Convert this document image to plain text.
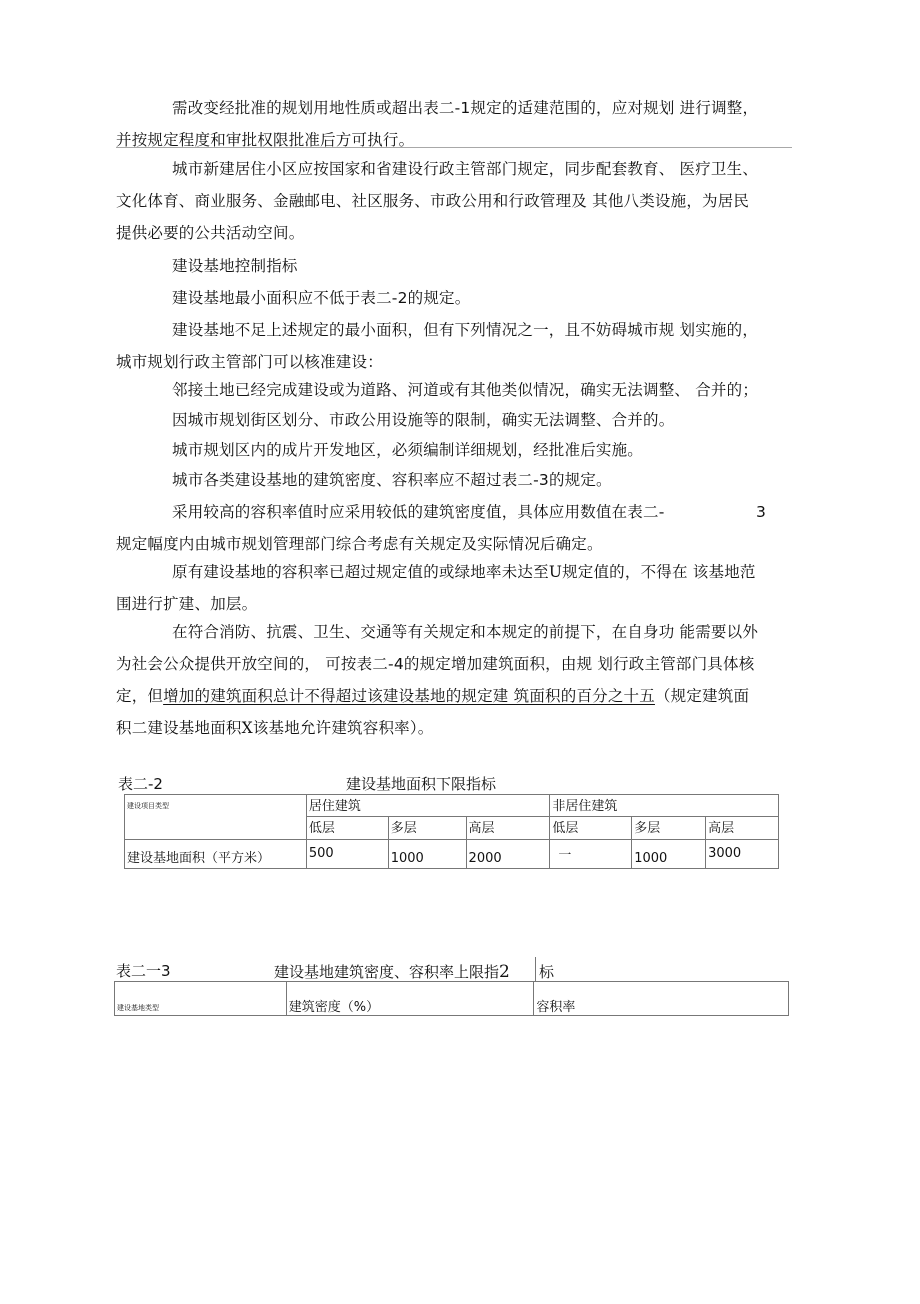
需改变经批准的规划用地性质或超出表二-1规定的适建范围的，应对规划 进行调整，
并按规定程度和审批权限批准后方可执行。
城市新建居住小区应按国家和省建设行政主管部门规定，同步配套教育、 医疗卫生、
文化体育、商业服务、金融邮电、社区服务、市政公用和行政管理及 其他八类设施，为居民
提供必要的公共活动空间。
建设基地控制指标
建设基地最小面积应不低于表二-2的规定。
建设基地不足上述规定的最小面积，但有下列情况之一，且不妨碍城市规 划实施的，
城市规划行政主管部门可以核准建设：
邻接土地已经完成建设或为道路、河道或有其他类似情况，确实无法调整、 合并的；
因城市规划街区划分、市政公用设施等的限制，确实无法调整、合并的。
城市规划区内的成片开发地区，必须编制详细规划，经批准后实施。
城市各类建设基地的建筑密度、容积率应不超过表二-3的规定。
采用较高的容积率值时应采用较低的建筑密度值，具体应用数值在表二-	3
规定幅度内由城市规划管理部门综合考虑有关规定及实际情况后确定。
原有建设基地的容积率已超过规定值的或绿地率未达至U规定值的，不得在 该基地范
围进行扩建、加层。
在符合消防、抗震、卫生、交通等有关规定和本规定的前提下，在自身功 能需要以外
为社会公众提供开放空间的， 可按表二-4的规定增加建筑面积，由规 划行政主管部门具体核
定，但增加的建筑面积总计不得超过该建设基地的规定建 筑面积的百分之十五（规定建筑面
积二建设基地面积X该基地允许建筑容积率）。
表二-2	建设基地面积下限指标
建设项目类型	居住建筑			非居住建筑		
	低层	多层	高层	低层	多层	高层
建设基地面积（平方米）	500	1000	2000	一	1000	3000
表二一3	建设基地建筑密度、容积率上限指2 标
建设基地类型	建筑密度（%）	容积率
